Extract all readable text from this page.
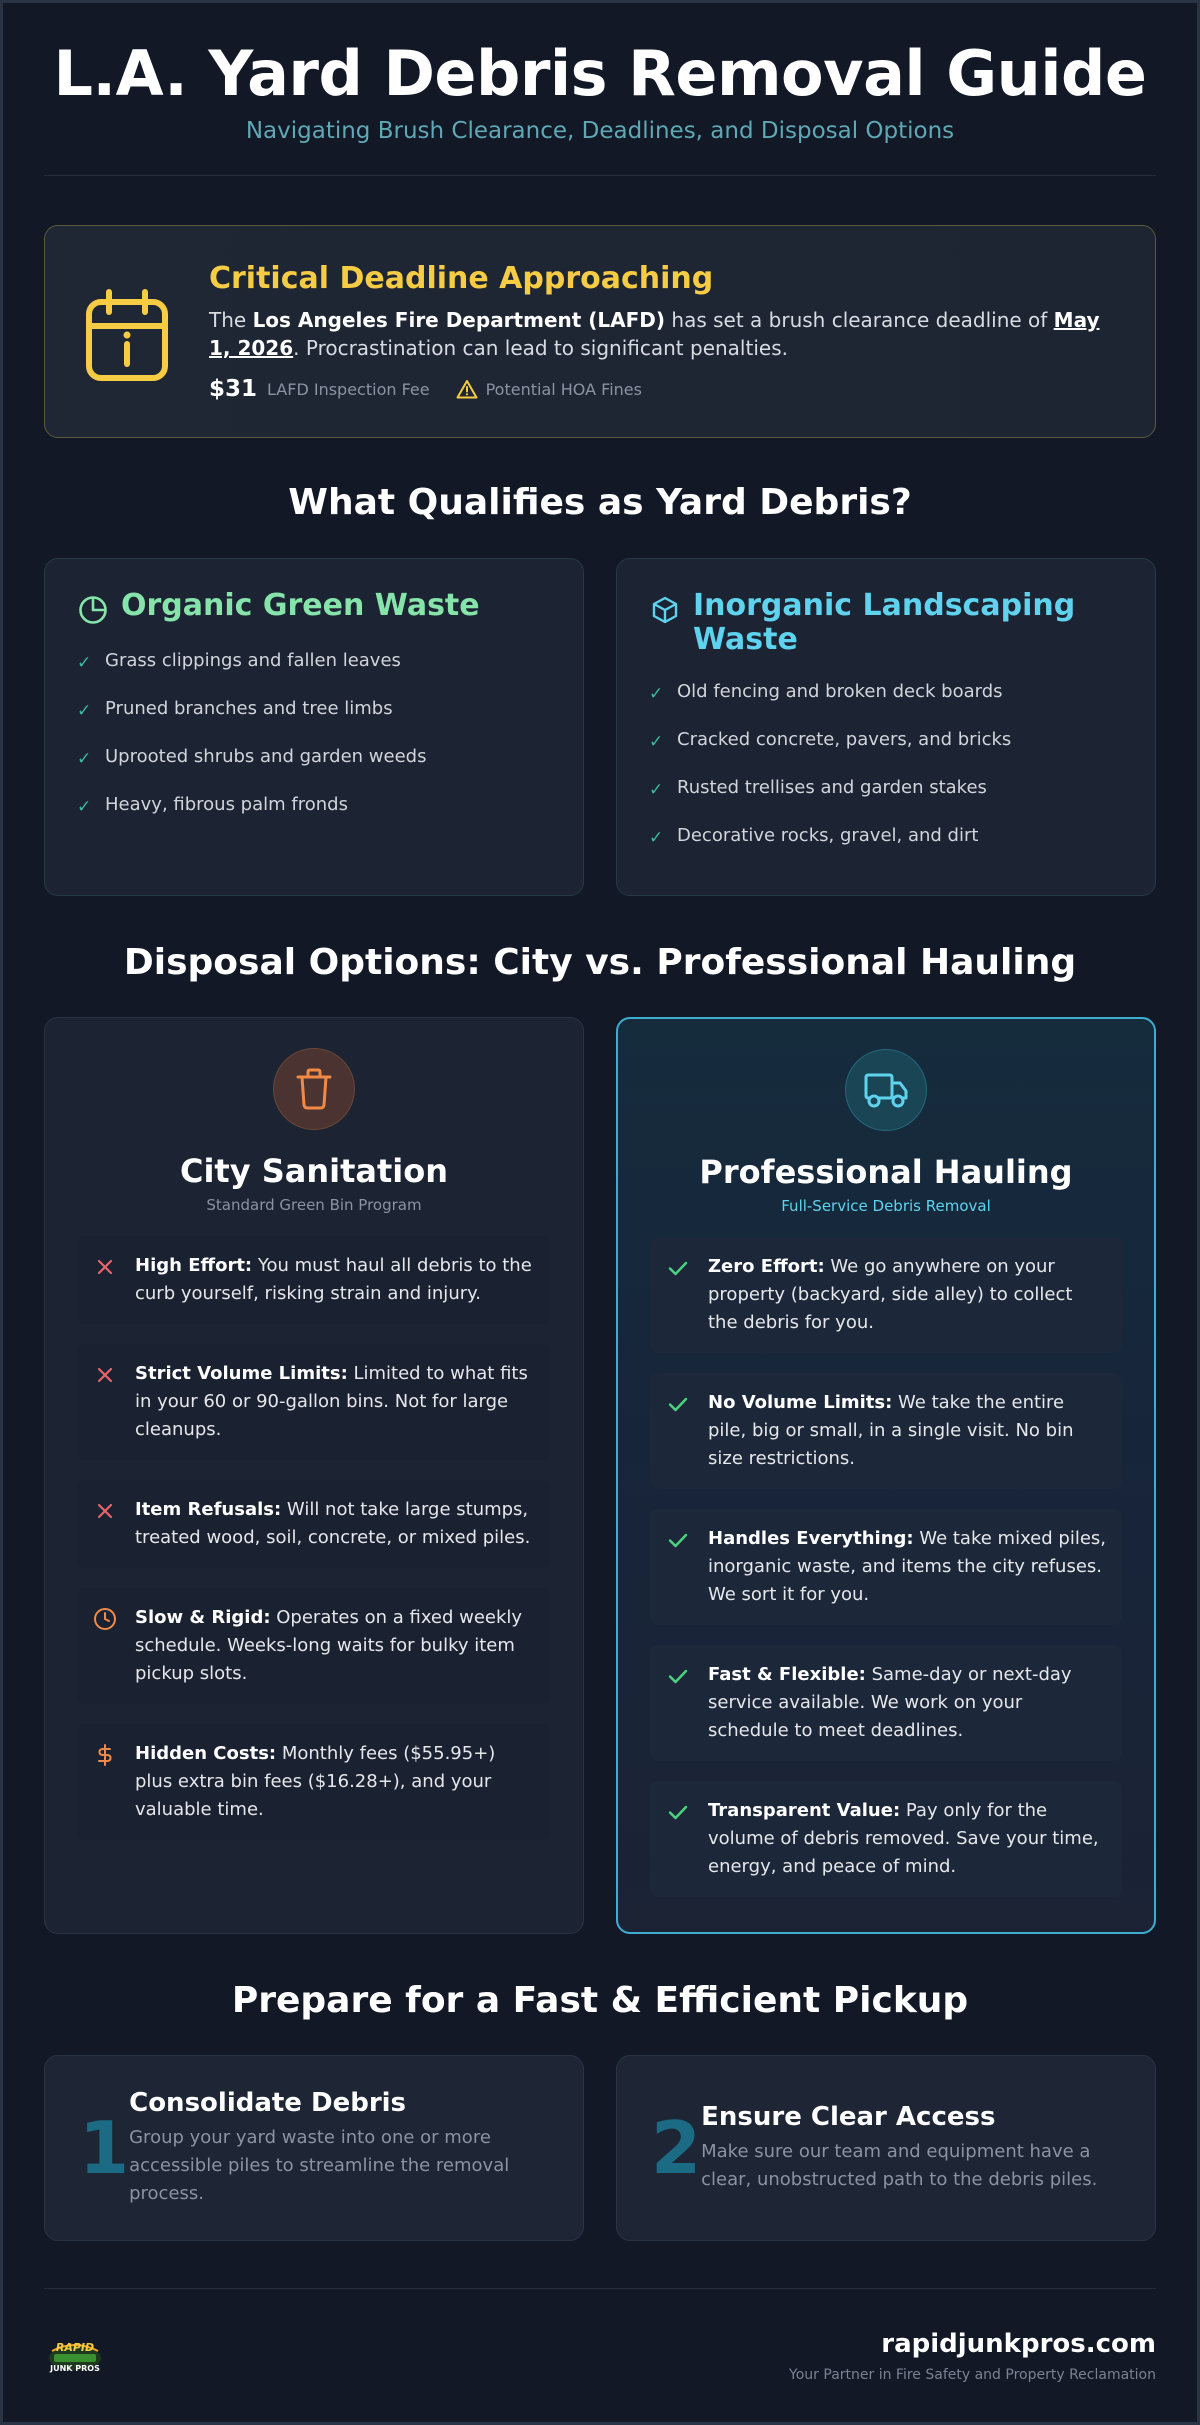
L.A. Yard Debris Removal Guide
Navigating Brush Clearance, Deadlines, and Disposal Options
Critical Deadline Approaching
The Los Angeles Fire Department (LAFD) has set a brush clearance deadline of May 1, 2026. Procrastination can lead to significant penalties.
$31 LAFD Inspection Fee	Potential HOA Fines
What Qualifies as Yard Debris?
Organic Green Waste
✓ Grass clippings and fallen leaves
✓ Pruned branches and tree limbs
✓ Uprooted shrubs and garden weeds
✓ Heavy, fibrous palm fronds
Inorganic Landscaping Waste
✓ Old fencing and broken deck boards
✓ Cracked concrete, pavers, and bricks
✓ Rusted trellises and garden stakes
✓ Decorative rocks, gravel, and dirt
Disposal Options: City vs. Professional Hauling
City Sanitation
Standard Green Bin Program
High Effort: You must haul all debris to the curb yourself, risking strain and injury.
Strict Volume Limits: Limited to what fits in your 60 or 90-gallon bins. Not for large cleanups.
Item Refusals: Will not take large stumps, treated wood, soil, concrete, or mixed piles.
Slow & Rigid: Operates on a fixed weekly schedule. Weeks-long waits for bulky item pickup slots.
Hidden Costs: Monthly fees ($55.95+) plus extra bin fees ($16.28+), and your valuable time.
Professional Hauling
Full-Service Debris Removal
Zero Effort: We go anywhere on your property (backyard, side alley) to collect the debris for you.
No Volume Limits: We take the entire pile, big or small, in a single visit. No bin size restrictions.
Handles Everything: We take mixed piles, inorganic waste, and items the city refuses. We sort it for you.
Fast & Flexible: Same-day or next-day service available. We work on your schedule to meet deadlines.
Transparent Value: Pay only for the volume of debris removed. Save your time, energy, and peace of mind.
Prepare for a Fast & Efficient Pickup
1
Consolidate Debris
Group your yard waste into one or more accessible piles to streamline the removal process.
2 Ensure Clear Access
Make sure our team and equipment have a clear, unobstructed path to the debris piles.
RAPID
JUNK PROS
rapidjunkpros.com
Your Partner in Fire Safety and Property Reclamation
